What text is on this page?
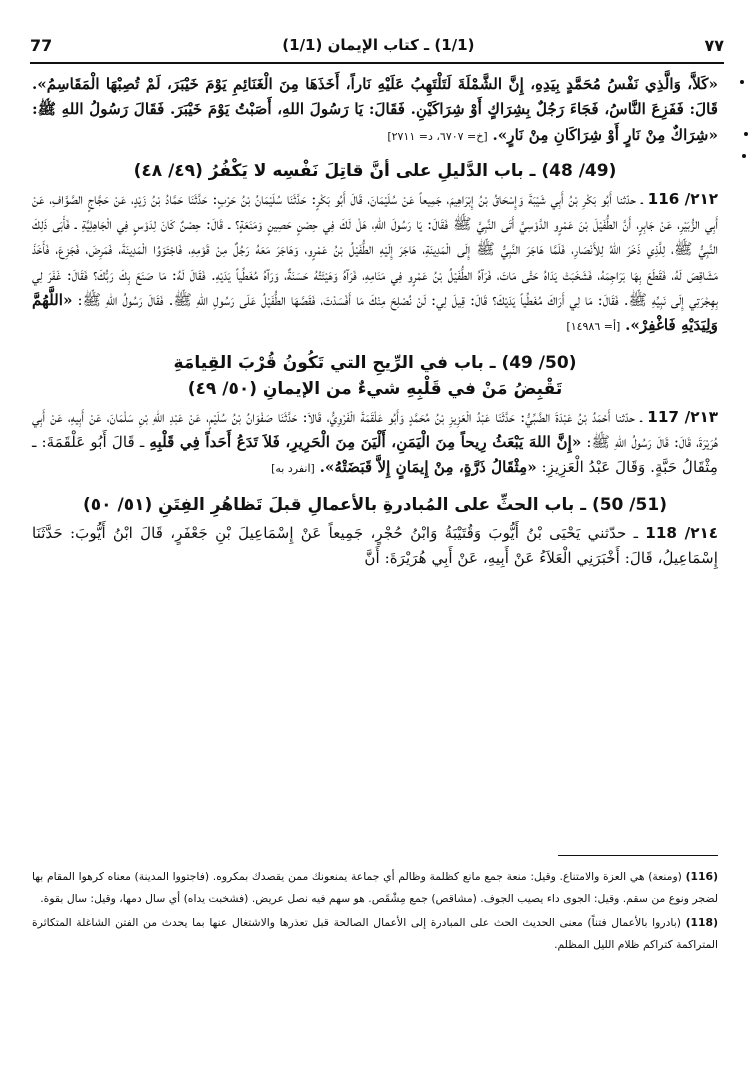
77	(1/1) ـ كتاب الإيمان (1/1)	٧٧

«كَلاَّ، وَالَّذِي نَفْسُ مُحَمَّدٍ بِيَدِهِ، إِنَّ الشَّمْلَةَ لَتَلْتَهِبُ عَلَيْهِ نَاراً، أَخَذَهَا مِنَ الْغَنَائِمِ يَوْمَ خَيْبَرَ، لَمْ تُصِبْهَا الْمَقَاسِمُ». قَالَ: فَفَزِعَ النَّاسُ، فَجَاءَ رَجُلٌ بِشِرَاكٍ أَوْ شِرَاكَيْنِ. فَقَالَ: يَا رَسُولَ اللهِ، أَصَبْتُ يَوْمَ خَيْبَرَ. فَقَالَ رَسُولُ اللهِ ﷺ: «شِرَاكٌ مِنْ نَارٍ أَوْ شِرَاكَانِ مِنْ نَارٍ». [خ= ٦٧٠٧، د= ٢٧١١]

(49/ 48) ـ باب الدَّليلِ على أنَّ قاتِلَ نَفْسِه لا يَكْفُرُ (٤٩/ ٤٨)

٢١٢/ 116 ـ حدّثنا أَبُو بَكْرِ بْنُ أَبِي شَيْبَةَ وَإِسْحَاقُ بْنُ إِبْرَاهِيمَ، جَمِيعاً عَنْ سُلَيْمَانَ، قَالَ أَبُو بَكْرٍ: حَدَّثَنَا سُلَيْمَانُ بْنُ حَرْبٍ: حَدَّثَنَا حَمَّادُ بْنُ زَيْدٍ، عَنْ حَجَّاجٍ الصَّوَّافِ، عَنْ أَبِي الزُّبَيْرِ، عَنْ جَابِرٍ، أَنَّ الطُّفَيْلَ بْنَ عَمْرٍو الدَّوْسِيَّ أَتَى النَّبِيَّ ﷺ فَقَالَ: يَا رَسُولَ اللهِ، هَلْ لَكَ فِي حِصْنٍ حَصِينٍ وَمَنَعَةٍ؟ ـ قَالَ: حِصْنٌ كَانَ لِدَوْسٍ فِي الْجَاهِلِيَّةِ ـ فَأَبَى ذَلِكَ النَّبِيُّ ﷺ، لِلَّذِي ذَخَرَ اللهُ لِلأَنْصَارِ، فَلَمَّا هَاجَرَ النَّبِيُّ ﷺ إِلَى الْمَدِينَةِ، هَاجَرَ إِلَيْهِ الطُّفَيْلُ بْنُ عَمْرٍو، وَهَاجَرَ مَعَهُ رَجُلٌ مِنْ قَوْمِهِ، فَاجْتَوَوُا الْمَدِينَةَ، فَمَرِضَ، فَجَزِعَ، فَأَخَذَ مَشَاقِصَ لَهُ، فَقَطَعَ بِهَا بَرَاجِمَهُ، فَشَخَبَتْ يَدَاهُ حَتَّى مَاتَ، فَرَآهُ الطُّفَيْلُ بْنُ عَمْرٍو فِي مَنَامِهِ، فَرَآهُ وَهَيْئَتُهُ حَسَنَةٌ، وَرَآهُ مُغَطِّياً يَدَيْهِ. فَقَالَ لَهُ: مَا صَنَعَ بِكَ رَبُّكَ؟ فَقَالَ: غَفَرَ لِي بِهِجْرَتِي إِلَى نَبِيِّهِ ﷺ. فَقَالَ: مَا لِي أَرَاكَ مُغَطِّياً يَدَيْكَ؟ قَالَ: قِيلَ لِي: لَنْ نُصْلِحَ مِنْكَ مَا أَفْسَدْتَ، فَقَصَّهَا الطُّفَيْلُ عَلَى رَسُولِ اللهِ ﷺ. فَقَالَ رَسُولُ اللهِ ﷺ: «اللَّهُمَّ وَلِيَدَيْهِ فَاغْفِرْ». [أ= ١٤٩٨٦]

(50/ 49) ـ باب في الرِّيحِ التي تَكُونُ قُرْبَ القِيامَةِ
تَقْبِضُ مَنْ في قَلْبِهِ شيءٌ من الإيمانِ (٥٠/ ٤٩)

٢١٣/ 117 ـ حدّثنا أَحْمَدُ بْنُ عَبْدَةَ الضَّبِّيُّ: حَدَّثَنَا عَبْدُ الْعَزِيزِ بْنُ مُحَمَّدٍ وَأَبُو عَلْقَمَةَ الْفَرْوِيُّ، قَالاَ: حَدَّثَنَا صَفْوَانُ بْنُ سُلَيْمٍ، عَنْ عَبْدِ اللهِ بْنِ سَلْمَانَ، عَنْ أَبِيهِ، عَنْ أَبِي هُرَيْرَةَ، قَالَ: قَالَ رَسُولُ اللهِ ﷺ: «إِنَّ اللهَ يَبْعَثُ رِيحاً مِنَ الْيَمَنِ، أَلْيَنَ مِنَ الْحَرِيرِ، فَلاَ تَدَعُ أَحَداً فِي قَلْبِهِ ـ قَالَ أَبُو عَلْقَمَةَ: ـ مِثْقَالُ حَبَّةٍ. وَقَالَ عَبْدُ الْعَزِيزِ: «مِثْقَالُ ذَرَّةٍ، مِنْ إِيمَانٍ إِلاَّ قَبَضَتْهُ». [انفرد به]

(51/ 50) ـ باب الحثِّ على المُبادرةِ بالأعمالِ قبلَ تَظاهُرِ الفِتَنِ (٥١/ ٥٠)

٢١٤/ 118 ـ حدّثني يَحْيَى بْنُ أَيُّوبَ وَقُتَيْبَةُ وَابْنُ حُجْرٍ، جَمِيعاً عَنْ إِسْمَاعِيلَ بْنِ جَعْفَرٍ، قَالَ ابْنُ أَيُّوبَ: حَدَّثَنَا إِسْمَاعِيلُ، قَالَ: أَخْبَرَنِي الْعَلاَءُ عَنْ أَبِيهِ، عَنْ أَبِي هُرَيْرَةَ: أَنَّ

(116) (ومنعة) هي العزة والامتناع. وقيل: منعة جمع مانع كظلمة وظالم أي جماعة يمنعونك ممن يقصدك بمكروه. (فاجتووا المدينة) معناه كرهوا المقام بها لضجر ونوع من سقم. وقيل: الجوى داء يصيب الجوف. (مشاقص) جمع مِشْقَص. هو سهم فيه نصل عريض. (فشخبت يداه) أي سال دمها، وقيل: سال بقوة.

(118) (بادروا بالأعمال فتناً) معنى الحديث الحث على المبادرة إلى الأعمال الصالحة قبل تعذرها والاشتغال عنها بما يحدث من الفتن الشاغلة المتكاثرة المتراكمة كتراكم ظلام الليل المظلم.
